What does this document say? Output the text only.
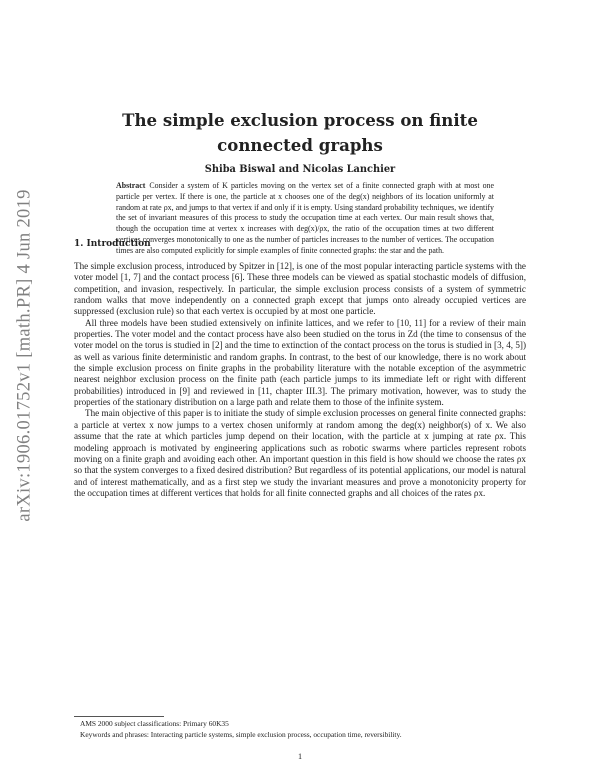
arXiv:1906.01752v1 [math.PR] 4 Jun 2019
The simple exclusion process on finite
connected graphs
Shiba Biswal and Nicolas Lanchier
Abstract Consider a system of K particles moving on the vertex set of a finite connected graph with at most one particle per vertex. If there is one, the particle at x chooses one of the deg(x) neighbors of its location uniformly at random at rate ρx, and jumps to that vertex if and only if it is empty. Using standard probability techniques, we identify the set of invariant measures of this process to study the occupation time at each vertex. Our main result shows that, though the occupation time at vertex x increases with deg(x)/ρx, the ratio of the occupation times at two different vertices converges monotonically to one as the number of particles increases to the number of vertices. The occupation times are also computed explicitly for simple examples of finite connected graphs: the star and the path.
1. Introduction

The simple exclusion process, introduced by Spitzer in [12], is one of the most popular interacting particle systems with the voter model [1, 7] and the contact process [6]. These three models can be viewed as spatial stochastic models of diffusion, competition, and invasion, respectively. In particular, the simple exclusion process consists of a system of symmetric random walks that move independently on a connected graph except that jumps onto already occupied vertices are suppressed (exclusion rule) so that each vertex is occupied by at most one particle.

All three models have been studied extensively on infinite lattices, and we refer to [10, 11] for a review of their main properties. The voter model and the contact process have also been studied on the torus in Zd (the time to consensus of the voter model on the torus is studied in [2] and the time to extinction of the contact process on the torus is studied in [3, 4, 5]) as well as various finite deterministic and random graphs. In contrast, to the best of our knowledge, there is no work about the simple exclusion process on finite graphs in the probability literature with the notable exception of the asymmetric nearest neighbor exclusion process on the finite path (each particle jumps to its immediate left or right with different probabilities) introduced in [9] and reviewed in [11, chapter III.3]. The primary motivation, however, was to study the properties of the stationary distribution on a large path and relate them to those of the infinite system.

The main objective of this paper is to initiate the study of simple exclusion processes on general finite connected graphs: a particle at vertex x now jumps to a vertex chosen uniformly at random among the deg(x) neighbor(s) of x. We also assume that the rate at which particles jump depend on their location, with the particle at x jumping at rate ρx. This modeling approach is motivated by engineering applications such as robotic swarms where particles represent robots moving on a finite graph and avoiding each other. An important question in this field is how should we choose the rates ρx so that the system converges to a fixed desired distribution? But regardless of its potential applications, our model is natural and of interest mathematically, and as a first step we study the invariant measures and prove a monotonicity property for the occupation times at different vertices that holds for all finite connected graphs and all choices of the rates ρx.

AMS 2000 subject classifications: Primary 60K35
Keywords and phrases: Interacting particle systems, simple exclusion process, occupation time, reversibility.
1
